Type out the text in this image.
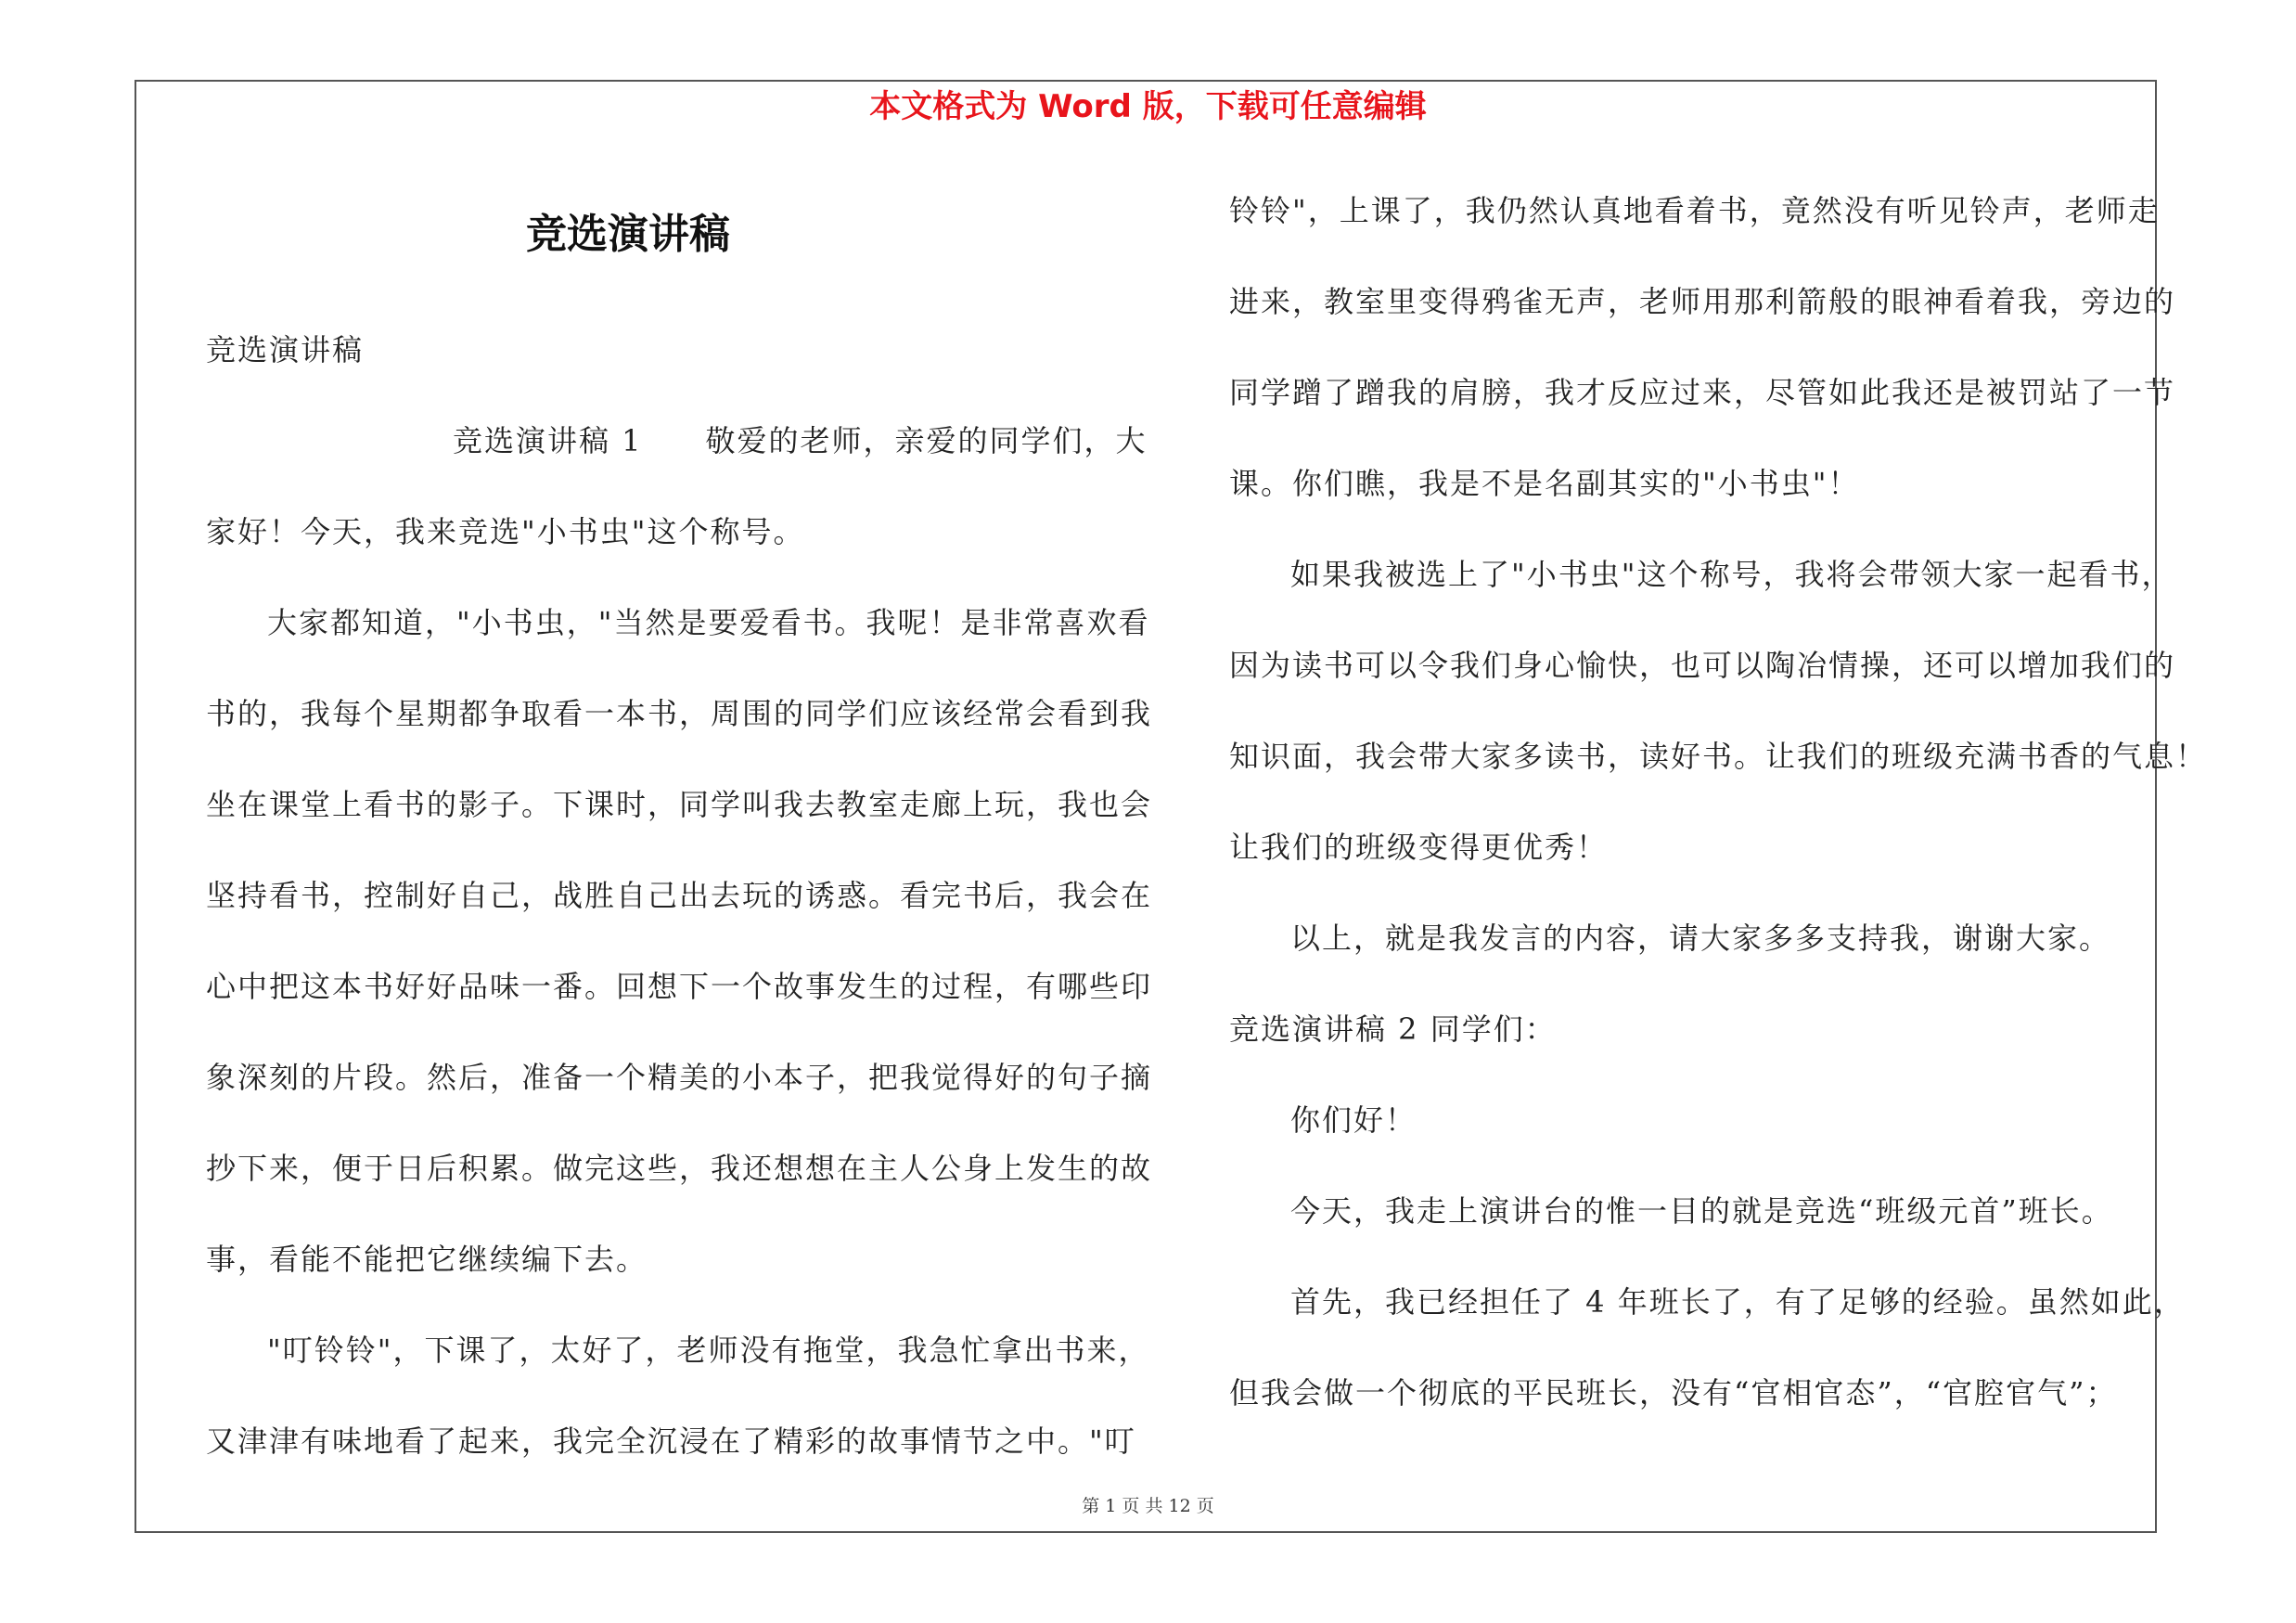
本文格式为 Word 版，下载可任意编辑
竞选演讲稿
竞选演讲稿
竞选演讲稿 1　　敬爱的老师，亲爱的同学们，大
家好！今天，我来竞选"小书虫"这个称号。
大家都知道，"小书虫，"当然是要爱看书。我呢！是非常喜欢看
书的，我每个星期都争取看一本书，周围的同学们应该经常会看到我
坐在课堂上看书的影子。下课时，同学叫我去教室走廊上玩，我也会
坚持看书，控制好自己，战胜自己出去玩的诱惑。看完书后，我会在
心中把这本书好好品味一番。回想下一个故事发生的过程，有哪些印
象深刻的片段。然后，准备一个精美的小本子，把我觉得好的句子摘
抄下来，便于日后积累。做完这些，我还想想在主人公身上发生的故
事，看能不能把它继续编下去。
"叮铃铃"，下课了，太好了，老师没有拖堂，我急忙拿出书来，
又津津有味地看了起来，我完全沉浸在了精彩的故事情节之中。"叮
铃铃"，上课了，我仍然认真地看着书，竟然没有听见铃声，老师走
进来，教室里变得鸦雀无声，老师用那利箭般的眼神看着我，旁边的
同学蹭了蹭我的肩膀，我才反应过来，尽管如此我还是被罚站了一节
课。你们瞧，我是不是名副其实的"小书虫"！
如果我被选上了"小书虫"这个称号，我将会带领大家一起看书，
因为读书可以令我们身心愉快，也可以陶冶情操，还可以增加我们的
知识面，我会带大家多读书，读好书。让我们的班级充满书香的气息！
让我们的班级变得更优秀！
以上，就是我发言的内容，请大家多多支持我，谢谢大家。
竞选演讲稿 2 同学们：
你们好！
今天，我走上演讲台的惟一目的就是竞选“班级元首”班长。
首先，我已经担任了 4 年班长了，有了足够的经验。虽然如此，
但我会做一个彻底的平民班长，没有“官相官态”，“官腔官气”；
第 1 页 共 12 页
